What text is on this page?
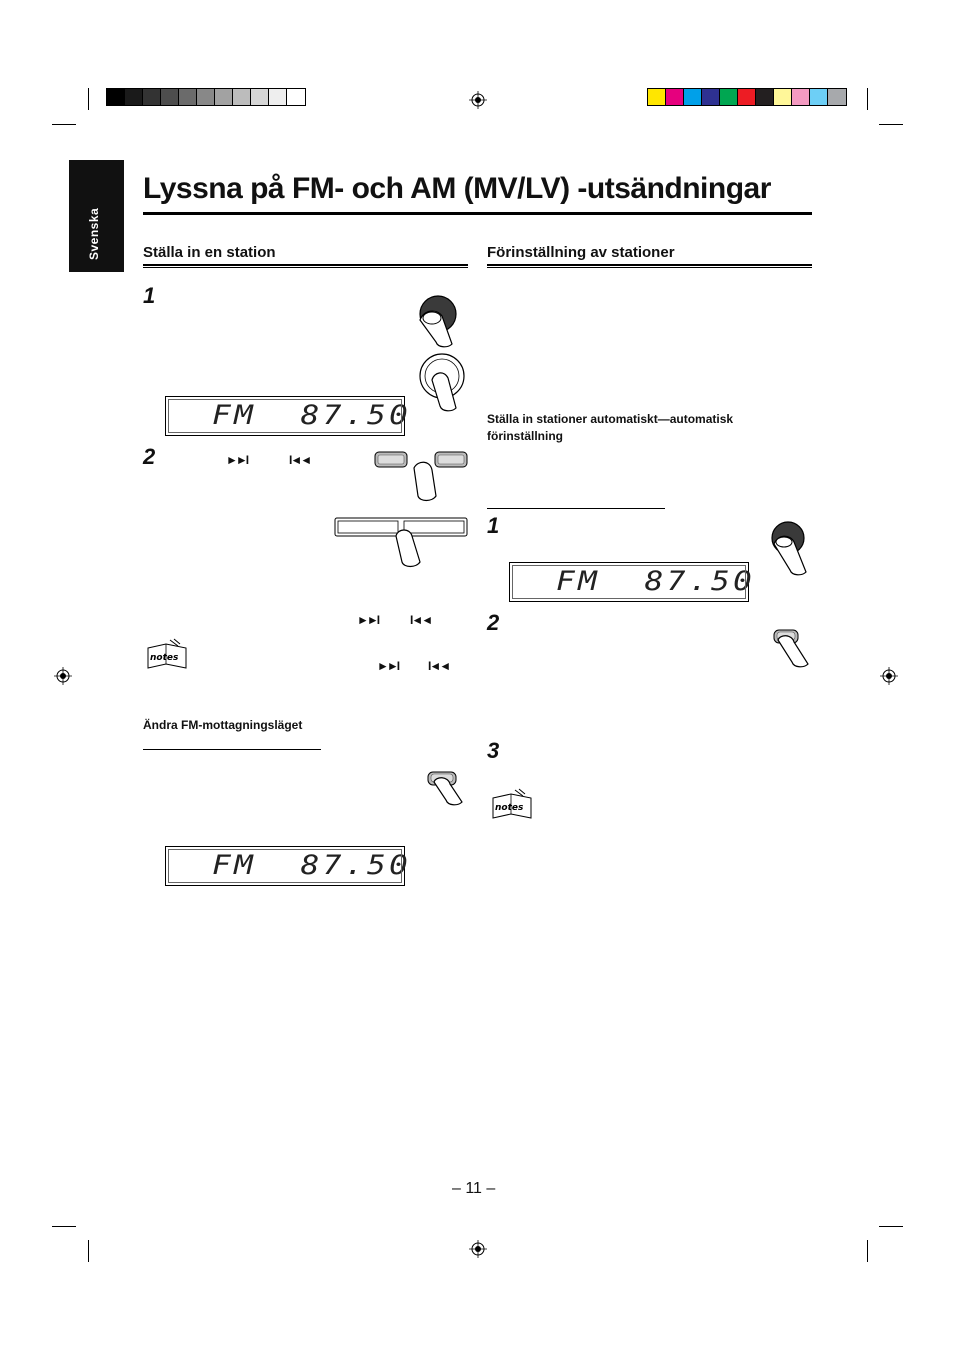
Svenska
Lyssna på FM- och AM (MV/LV) -utsändningar
Ställa in en station
1
FM  87.50
2	►►I	I◄◄
►►I	I◄◄
notes
►►I I◄◄
Ändra FM-mottagningsläget
FM  87.50
Förinställning av stationer
Ställa in stationer automatiskt—automatisk
förinställning
1
FM  87.50
2
3
notes
– 11 –
